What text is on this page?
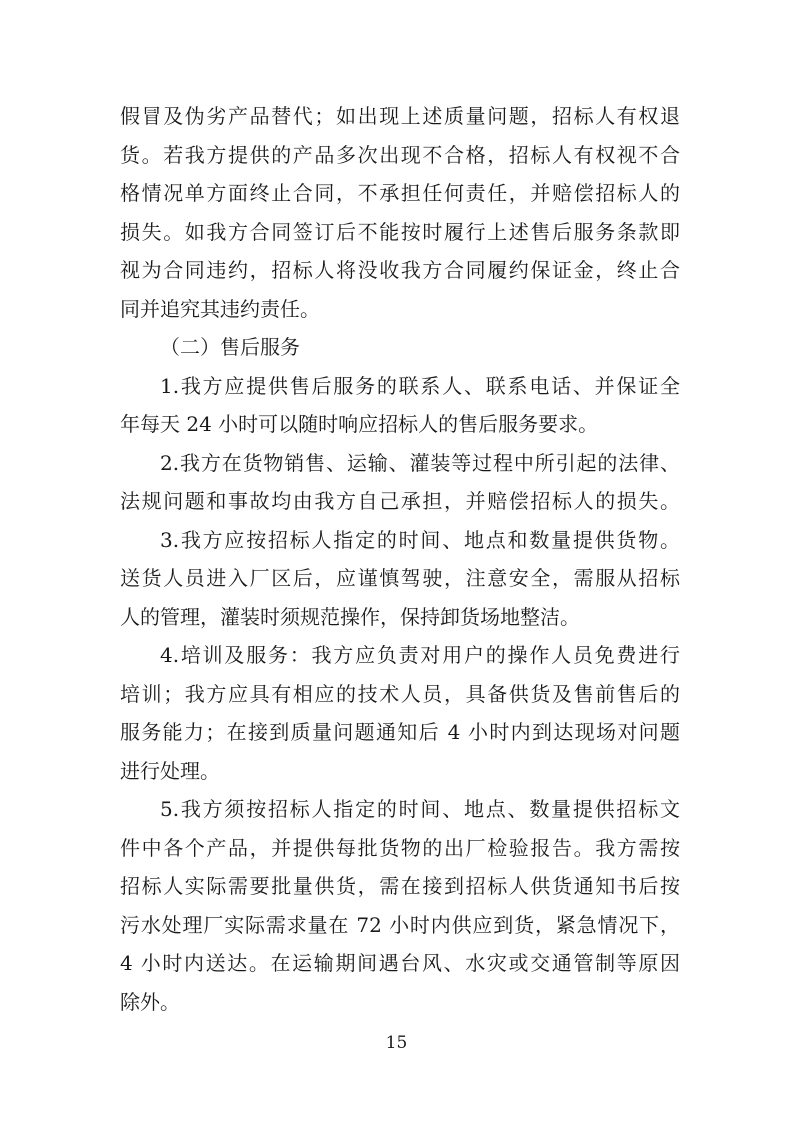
假冒及伪劣产品替代；如出现上述质量问题，招标人有权退
货。若我方提供的产品多次出现不合格，招标人有权视不合
格情况单方面终止合同，不承担任何责任，并赔偿招标人的
损失。如我方合同签订后不能按时履行上述售后服务条款即
视为合同违约，招标人将没收我方合同履约保证金，终止合
同并追究其违约责任。
（二）售后服务
1.我方应提供售后服务的联系人、联系电话、并保证全
年每天 24 小时可以随时响应招标人的售后服务要求。
2.我方在货物销售、运输、灌装等过程中所引起的法律、
法规问题和事故均由我方自己承担，并赔偿招标人的损失。
3.我方应按招标人指定的时间、地点和数量提供货物。
送货人员进入厂区后，应谨慎驾驶，注意安全，需服从招标
人的管理，灌装时须规范操作，保持卸货场地整洁。
4.培训及服务：我方应负责对用户的操作人员免费进行
培训；我方应具有相应的技术人员，具备供货及售前售后的
服务能力；在接到质量问题通知后 4 小时内到达现场对问题
进行处理。
5.我方须按招标人指定的时间、地点、数量提供招标文
件中各个产品，并提供每批货物的出厂检验报告。我方需按
招标人实际需要批量供货，需在接到招标人供货通知书后按
污水处理厂实际需求量在 72 小时内供应到货，紧急情况下，
4 小时内送达。在运输期间遇台风、水灾或交通管制等原因
除外。
15
